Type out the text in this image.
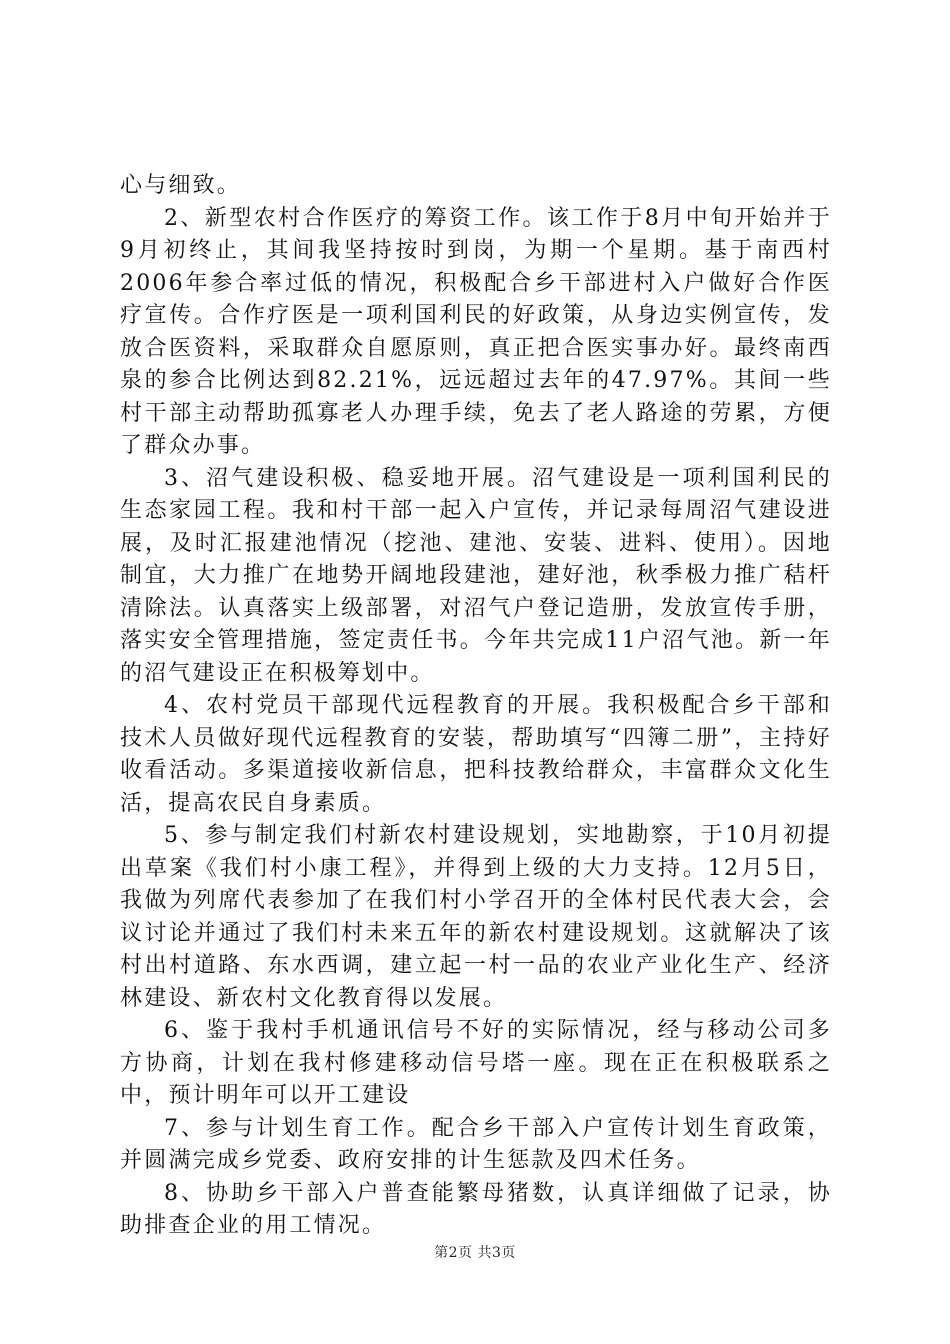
心与细致。

2、新型农村合作医疗的筹资工作。该工作于8月中旬开始并于9月初终止，其间我坚持按时到岗，为期一个星期。基于南西村2006年参合率过低的情况，积极配合乡干部进村入户做好合作医疗宣传。合作疗医是一项利国利民的好政策，从身边实例宣传，发放合医资料，采取群众自愿原则，真正把合医实事办好。最终南西泉的参合比例达到82.21%，远远超过去年的47.97%。其间一些村干部主动帮助孤寡老人办理手续，免去了老人路途的劳累，方便了群众办事。

3、沼气建设积极、稳妥地开展。沼气建设是一项利国利民的生态家园工程。我和村干部一起入户宣传，并记录每周沼气建设进展，及时汇报建池情况（挖池、建池、安装、进料、使用）。因地制宜，大力推广在地势开阔地段建池，建好池，秋季极力推广秸杆清除法。认真落实上级部署，对沼气户登记造册，发放宣传手册，落实安全管理措施，签定责任书。今年共完成11户沼气池。新一年的沼气建设正在积极筹划中。

4、农村党员干部现代远程教育的开展。我积极配合乡干部和技术人员做好现代远程教育的安装，帮助填写“四簿二册”，主持好收看活动。多渠道接收新信息，把科技教给群众，丰富群众文化生活，提高农民自身素质。

5、参与制定我们村新农村建设规划，实地勘察，于10月初提出草案《我们村小康工程》，并得到上级的大力支持。12月5日，我做为列席代表参加了在我们村小学召开的全体村民代表大会，会议讨论并通过了我们村未来五年的新农村建设规划。这就解决了该村出村道路、东水西调，建立起一村一品的农业产业化生产、经济林建设、新农村文化教育得以发展。

6、鉴于我村手机通讯信号不好的实际情况，经与移动公司多方协商，计划在我村修建移动信号塔一座。现在正在积极联系之中，预计明年可以开工建设

7、参与计划生育工作。配合乡干部入户宣传计划生育政策，并圆满完成乡党委、政府安排的计生惩款及四术任务。

8、协助乡干部入户普查能繁母猪数，认真详细做了记录，协助排查企业的用工情况。

第2页 共3页
